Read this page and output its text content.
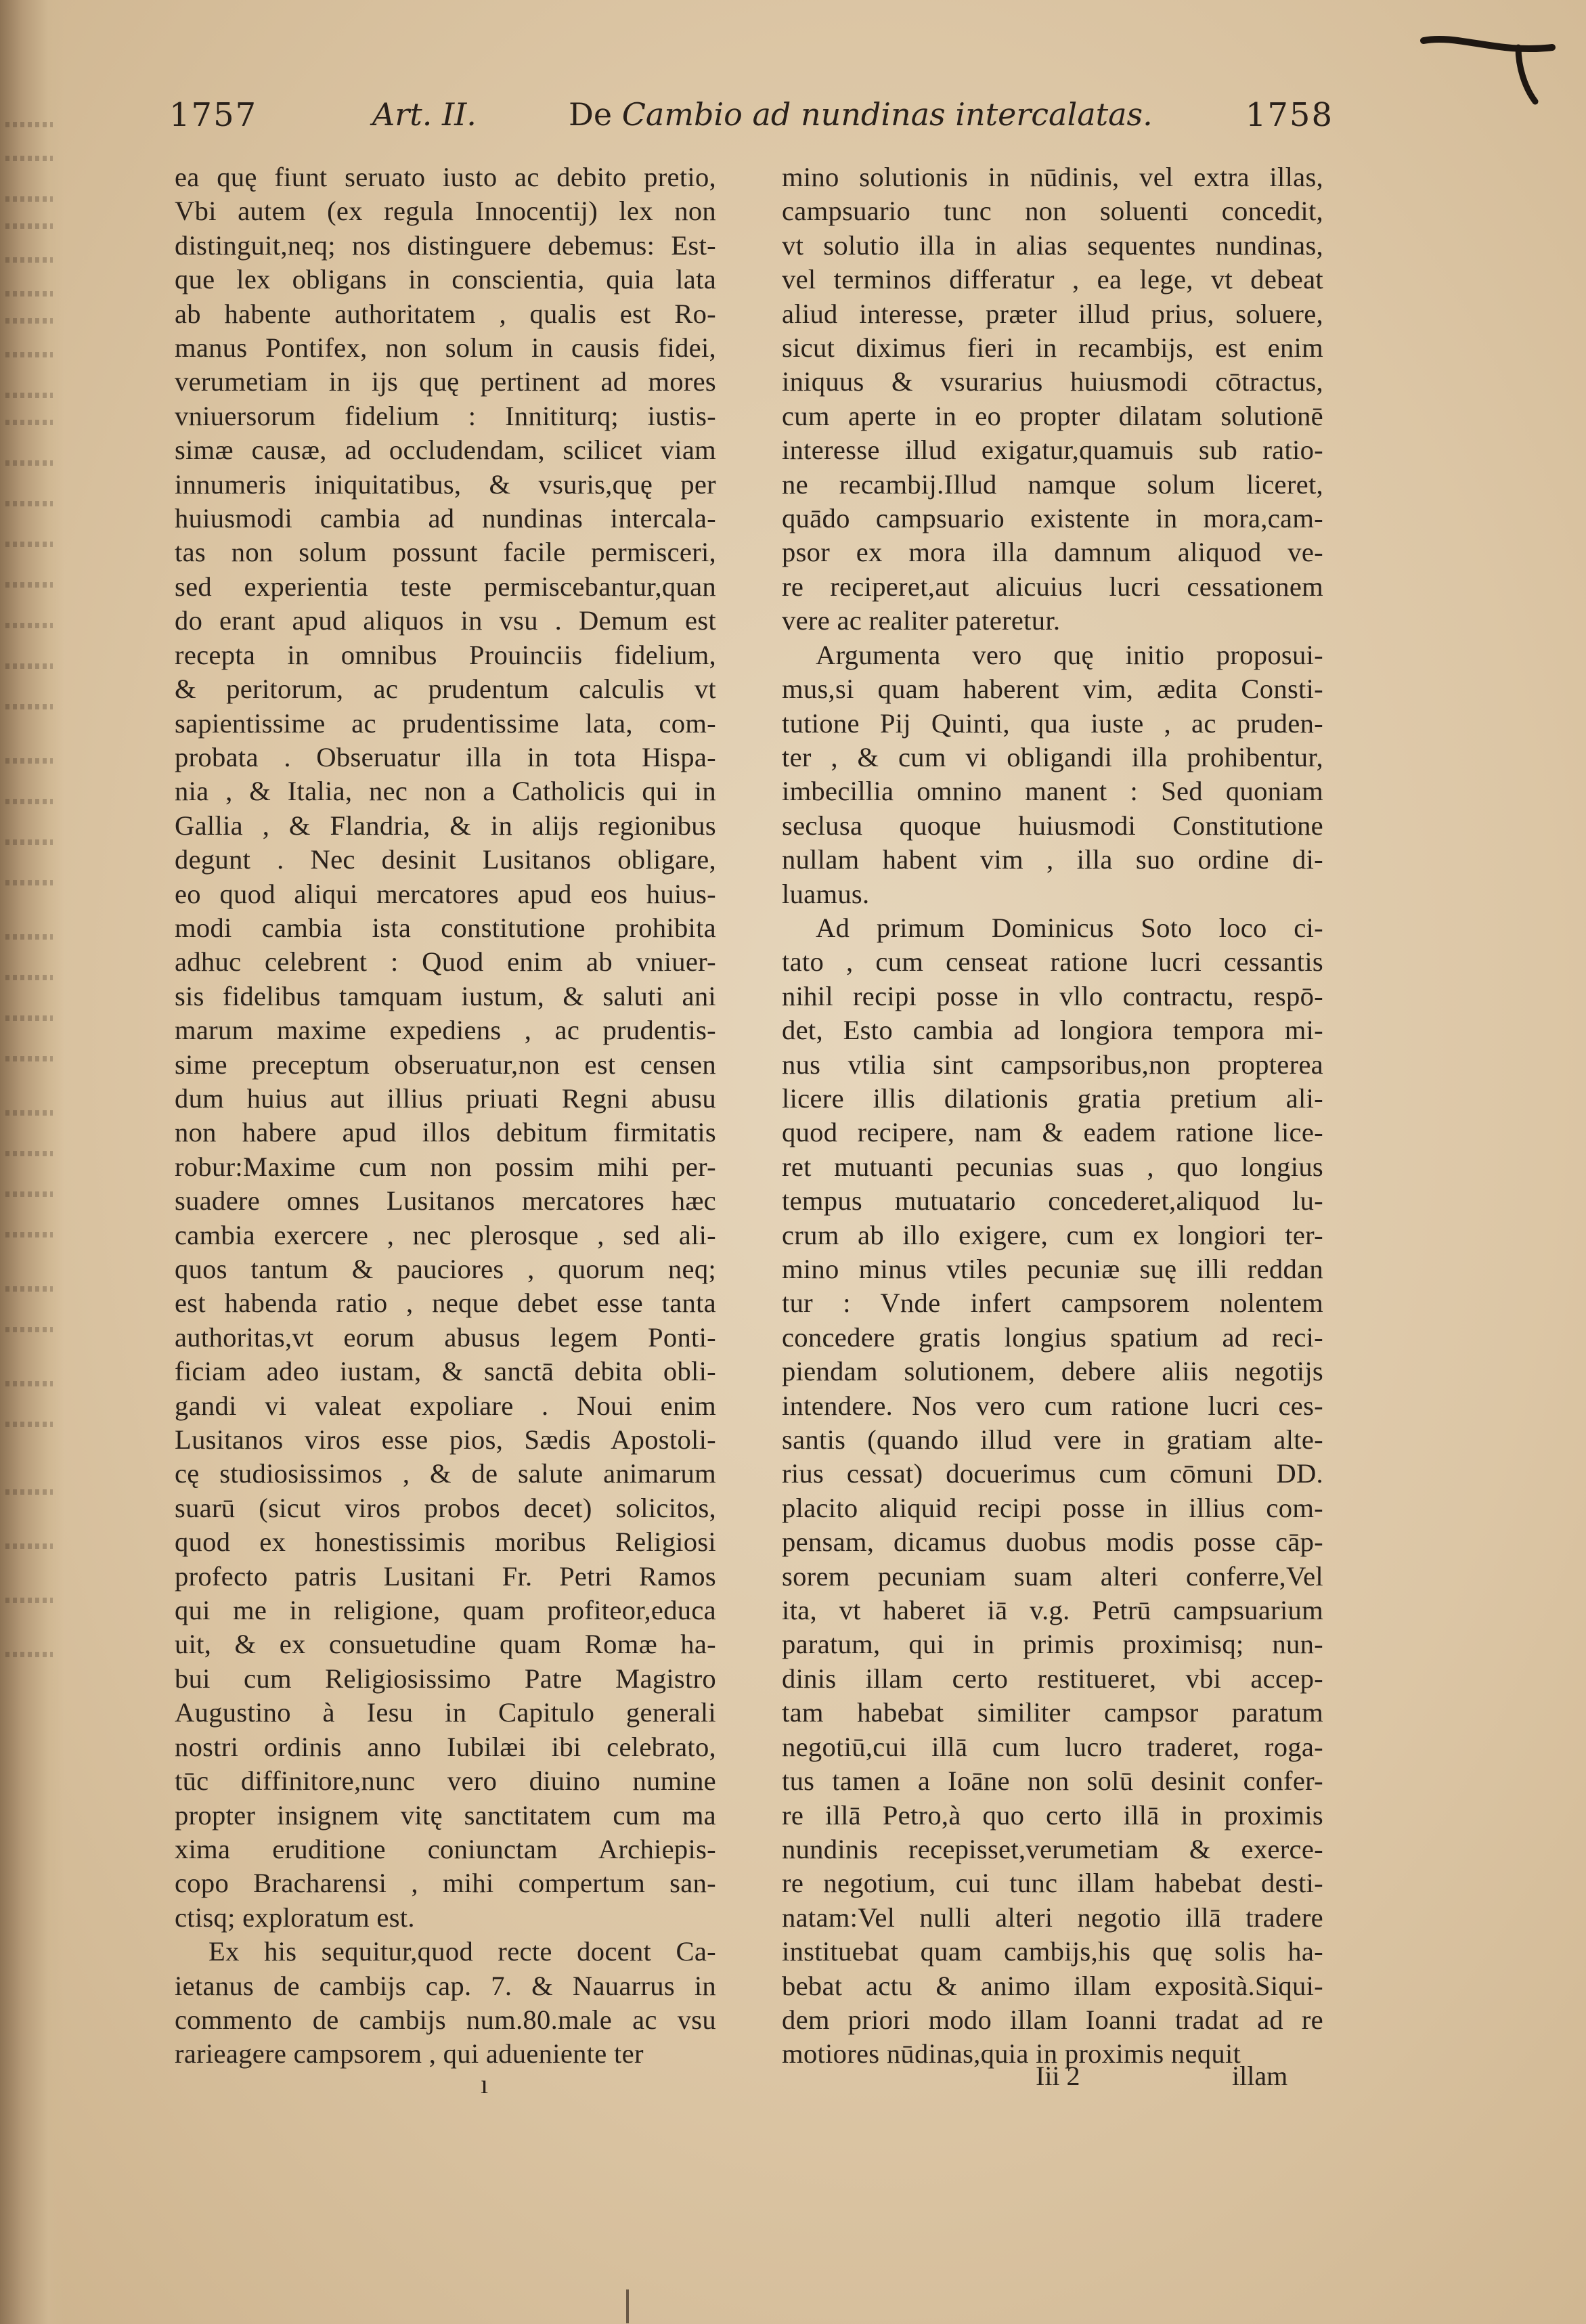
1757	Art. II.	De Cambio ad nundinas intercalatas.	1758
ea quę fiunt seruato iusto ac debito pretio,
Vbi autem (ex regula Innocentij) lex non
distinguit,neq; nos distinguere debemus: Est-
que lex obligans in conscientia, quia lata
ab habente authoritatem , qualis est Ro-
manus Pontifex, non solum in causis fidei,
verumetiam in ijs quę pertinent ad mores
vniuersorum fidelium : Innititurq; iustis-
simæ causæ, ad occludendam, scilicet viam
innumeris iniquitatibus, & vsuris,quę per
huiusmodi cambia ad nundinas intercala-
tas non solum possunt facile permisceri,
sed experientia teste permiscebantur,quan
do erant apud aliquos in vsu . Demum est
recepta in omnibus Prouinciis fidelium,
& peritorum, ac prudentum calculis vt
sapientissime ac prudentissime lata, com-
probata . Obseruatur illa in tota Hispa-
nia , & Italia, nec non a Catholicis qui in
Gallia , & Flandria, & in alijs regionibus
degunt . Nec desinit Lusitanos obligare,
eo quod aliqui mercatores apud eos huius-
modi cambia ista constitutione prohibita
adhuc celebrent : Quod enim ab vniuer-
sis fidelibus tamquam iustum, & saluti ani
marum maxime expediens , ac prudentis-
sime preceptum obseruatur,non est censen
dum huius aut illius priuati Regni abusu
non habere apud illos debitum firmitatis
robur:Maxime cum non possim mihi per-
suadere omnes Lusitanos mercatores hæc
cambia exercere , nec plerosque , sed ali-
quos tantum & pauciores , quorum neq;
est habenda ratio , neque debet esse tanta
authoritas,vt eorum abusus legem Ponti-
ficiam adeo iustam, & sanctā debita obli-
gandi vi valeat expoliare . Noui enim
Lusitanos viros esse pios, Sædis Apostoli-
cę studiosissimos , & de salute animarum
suarū (sicut viros probos decet) solicitos,
quod ex honestissimis moribus Religiosi
profecto patris Lusitani Fr. Petri Ramos
qui me in religione, quam profiteor,educa
uit, & ex consuetudine quam Romæ ha-
bui cum Religiosissimo Patre Magistro
Augustino à Iesu in Capitulo generali
nostri ordinis anno Iubilæi ibi celebrato,
tūc diffinitore,nunc vero diuino numine
propter insignem vitę sanctitatem cum ma
xima eruditione coniunctam Archiepis-
copo Bracharensi , mihi compertum san-
ctisq; exploratum est.
Ex his sequitur,quod recte docent Ca-
ietanus de cambijs cap. 7. & Nauarrus in
commento de cambijs num.80.male ac vsu
rarieagere campsorem , qui adueniente ter
mino solutionis in nūdinis, vel extra illas,
campsuario tunc non soluenti concedit,
vt solutio illa in alias sequentes nundinas,
vel terminos differatur , ea lege, vt debeat
aliud interesse, præter illud prius, soluere,
sicut diximus fieri in recambijs, est enim
iniquus & vsurarius huiusmodi cōtractus,
cum aperte in eo propter dilatam solutionē
interesse illud exigatur,quamuis sub ratio-
ne recambij.Illud namque solum liceret,
quādo campsuario existente in mora,cam-
psor ex mora illa damnum aliquod ve-
re reciperet,aut alicuius lucri cessationem
vere ac realiter pateretur.
Argumenta vero quę initio proposui-
mus,si quam haberent vim, ædita Consti-
tutione Pij Quinti, qua iuste , ac pruden-
ter , & cum vi obligandi illa prohibentur,
imbecillia omnino manent : Sed quoniam
seclusa quoque huiusmodi Constitutione
nullam habent vim , illa suo ordine di-
luamus.
Ad primum Dominicus Soto loco ci-
tato , cum censeat ratione lucri cessantis
nihil recipi posse in vllo contractu, respō-
det, Esto cambia ad longiora tempora mi-
nus vtilia sint campsoribus,non propterea
licere illis dilationis gratia pretium ali-
quod recipere, nam & eadem ratione lice-
ret mutuanti pecunias suas , quo longius
tempus mutuatario concederet,aliquod lu-
crum ab illo exigere, cum ex longiori ter-
mino minus vtiles pecuniæ suę illi reddan
tur : Vnde infert campsorem nolentem
concedere gratis longius spatium ad reci-
piendam solutionem, debere aliis negotijs
intendere. Nos vero cum ratione lucri ces-
santis (quando illud vere in gratiam alte-
rius cessat) docuerimus cum cōmuni DD.
placito aliquid recipi posse in illius com-
pensam, dicamus duobus modis posse cāp-
sorem pecuniam suam alteri conferre,Vel
ita, vt haberet iā v.g. Petrū campsuarium
paratum, qui in primis proximisq; nun-
dinis illam certo restitueret, vbi accep-
tam habebat similiter campsor paratum
negotiū,cui illā cum lucro traderet, roga-
tus tamen a Ioāne non solū desinit confer-
re illā Petro,à quo certo illā in proximis
nundinis recepisset,verumetiam & exerce-
re negotium, cui tunc illam habebat desti-
natam:Vel nulli alteri negotio illā tradere
instituebat quam cambijs,his quę solis ha-
bebat actu & animo illam exposità.Siqui-
dem priori modo illam Ioanni tradat ad re
motiores nūdinas,quia in proximis nequit
ı	Iii 2	illam
